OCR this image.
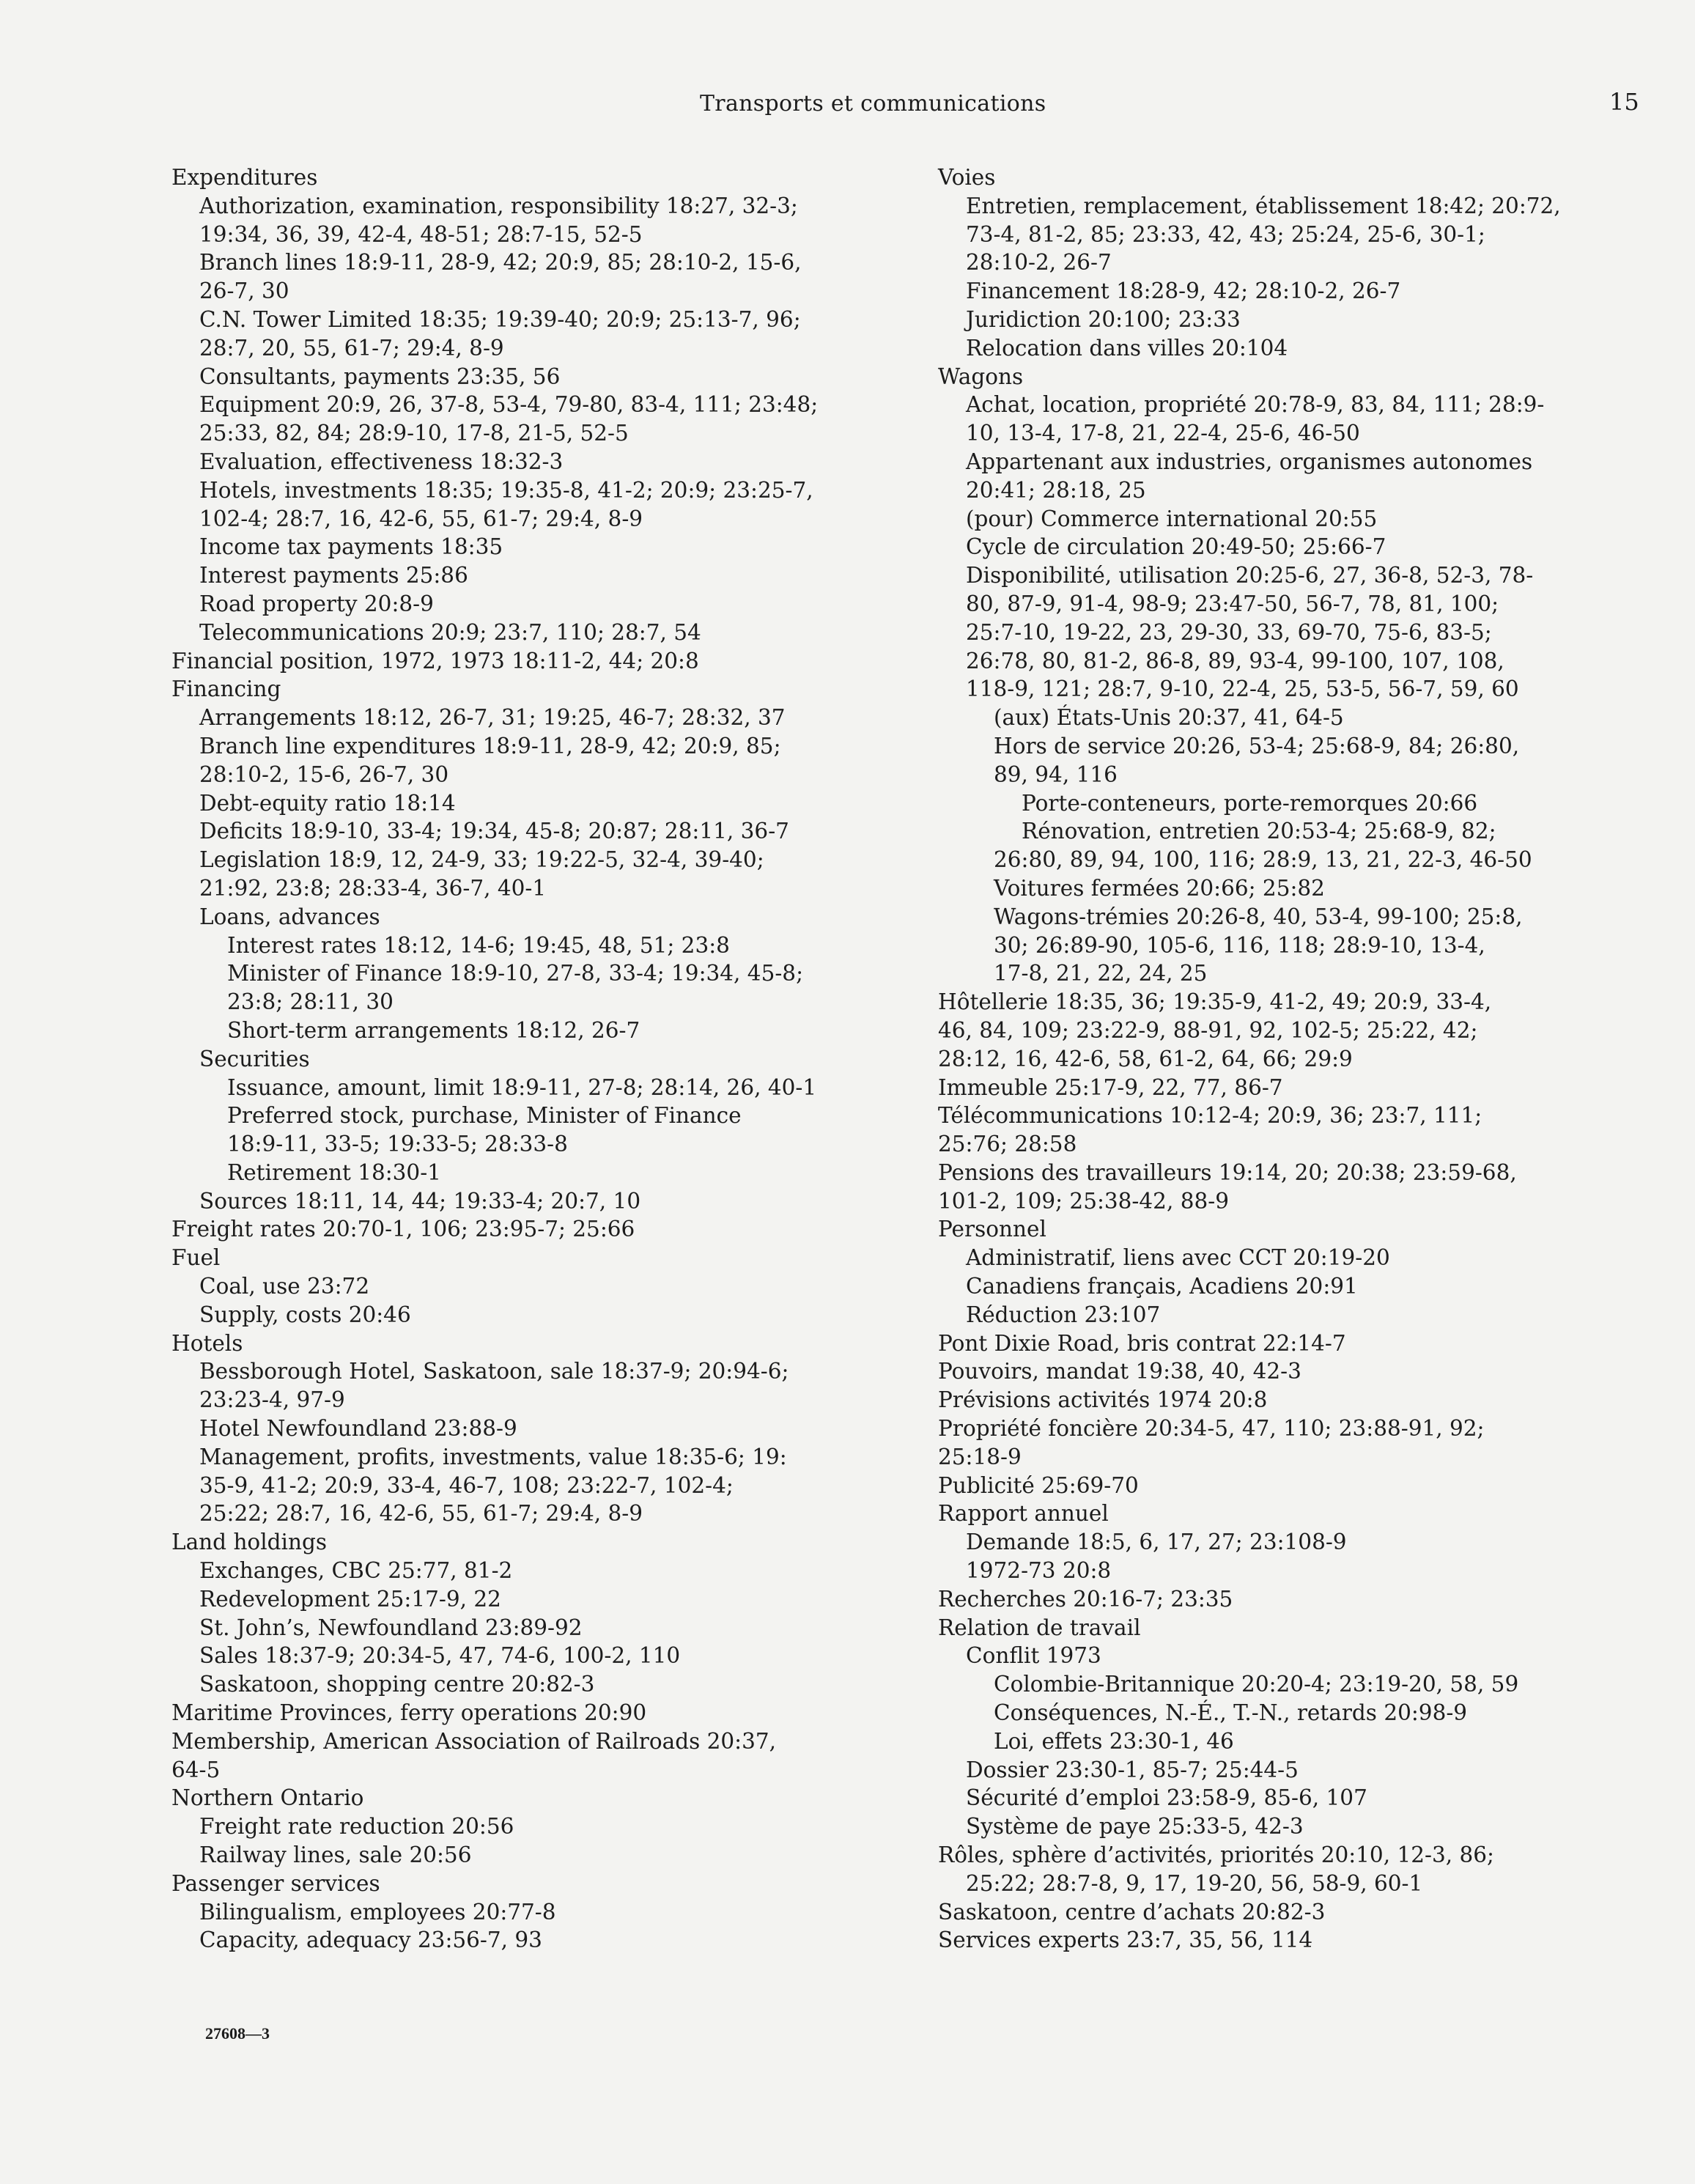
Transports et communications	15
Expenditures
Authorization, examination, responsibility 18:27, 32-3;
19:34, 36, 39, 42-4, 48-51; 28:7-15, 52-5
Branch lines 18:9-11, 28-9, 42; 20:9, 85; 28:10-2, 15-6,
26-7, 30
C.N. Tower Limited 18:35; 19:39-40; 20:9; 25:13-7, 96;
28:7, 20, 55, 61-7; 29:4, 8-9
Consultants, payments 23:35, 56
Equipment 20:9, 26, 37-8, 53-4, 79-80, 83-4, 111; 23:48;
25:33, 82, 84; 28:9-10, 17-8, 21-5, 52-5
Evaluation, effectiveness 18:32-3
Hotels, investments 18:35; 19:35-8, 41-2; 20:9; 23:25-7,
102-4; 28:7, 16, 42-6, 55, 61-7; 29:4, 8-9
Income tax payments 18:35
Interest payments 25:86
Road property 20:8-9
Telecommunications 20:9; 23:7, 110; 28:7, 54
Financial position, 1972, 1973 18:11-2, 44; 20:8
Financing
Arrangements 18:12, 26-7, 31; 19:25, 46-7; 28:32, 37
Branch line expenditures 18:9-11, 28-9, 42; 20:9, 85;
28:10-2, 15-6, 26-7, 30
Debt-equity ratio 18:14
Deficits 18:9-10, 33-4; 19:34, 45-8; 20:87; 28:11, 36-7
Legislation 18:9, 12, 24-9, 33; 19:22-5, 32-4, 39-40;
21:92, 23:8; 28:33-4, 36-7, 40-1
Loans, advances
Interest rates 18:12, 14-6; 19:45, 48, 51; 23:8
Minister of Finance 18:9-10, 27-8, 33-4; 19:34, 45-8;
23:8; 28:11, 30
Short-term arrangements 18:12, 26-7
Securities
Issuance, amount, limit 18:9-11, 27-8; 28:14, 26, 40-1
Preferred stock, purchase, Minister of Finance
18:9-11, 33-5; 19:33-5; 28:33-8
Retirement 18:30-1
Sources 18:11, 14, 44; 19:33-4; 20:7, 10
Freight rates 20:70-1, 106; 23:95-7; 25:66
Fuel
Coal, use 23:72
Supply, costs 20:46
Hotels
Bessborough Hotel, Saskatoon, sale 18:37-9; 20:94-6;
23:23-4, 97-9
Hotel Newfoundland 23:88-9
Management, profits, investments, value 18:35-6; 19:
35-9, 41-2; 20:9, 33-4, 46-7, 108; 23:22-7, 102-4;
25:22; 28:7, 16, 42-6, 55, 61-7; 29:4, 8-9
Land holdings
Exchanges, CBC 25:77, 81-2
Redevelopment 25:17-9, 22
St. John’s, Newfoundland 23:89-92
Sales 18:37-9; 20:34-5, 47, 74-6, 100-2, 110
Saskatoon, shopping centre 20:82-3
Maritime Provinces, ferry operations 20:90
Membership, American Association of Railroads 20:37,
64-5
Northern Ontario
Freight rate reduction 20:56
Railway lines, sale 20:56
Passenger services
Bilingualism, employees 20:77-8
Capacity, adequacy 23:56-7, 93
Voies
Entretien, remplacement, établissement 18:42; 20:72,
73-4, 81-2, 85; 23:33, 42, 43; 25:24, 25-6, 30-1;
28:10-2, 26-7
Financement 18:28-9, 42; 28:10-2, 26-7
Juridiction 20:100; 23:33
Relocation dans villes 20:104
Wagons
Achat, location, propriété 20:78-9, 83, 84, 111; 28:9-
10, 13-4, 17-8, 21, 22-4, 25-6, 46-50
Appartenant aux industries, organismes autonomes
20:41; 28:18, 25
(pour) Commerce international 20:55
Cycle de circulation 20:49-50; 25:66-7
Disponibilité, utilisation 20:25-6, 27, 36-8, 52-3, 78-
80, 87-9, 91-4, 98-9; 23:47-50, 56-7, 78, 81, 100;
25:7-10, 19-22, 23, 29-30, 33, 69-70, 75-6, 83-5;
26:78, 80, 81-2, 86-8, 89, 93-4, 99-100, 107, 108,
118-9, 121; 28:7, 9-10, 22-4, 25, 53-5, 56-7, 59, 60
(aux) États-Unis 20:37, 41, 64-5
Hors de service 20:26, 53-4; 25:68-9, 84; 26:80,
89, 94, 116
Porte-conteneurs, porte-remorques 20:66
Rénovation, entretien 20:53-4; 25:68-9, 82;
26:80, 89, 94, 100, 116; 28:9, 13, 21, 22-3, 46-50
Voitures fermées 20:66; 25:82
Wagons-trémies 20:26-8, 40, 53-4, 99-100; 25:8,
30; 26:89-90, 105-6, 116, 118; 28:9-10, 13-4,
17-8, 21, 22, 24, 25
Hôtellerie 18:35, 36; 19:35-9, 41-2, 49; 20:9, 33-4,
46, 84, 109; 23:22-9, 88-91, 92, 102-5; 25:22, 42;
28:12, 16, 42-6, 58, 61-2, 64, 66; 29:9
Immeuble 25:17-9, 22, 77, 86-7
Télécommunications 10:12-4; 20:9, 36; 23:7, 111;
25:76; 28:58
Pensions des travailleurs 19:14, 20; 20:38; 23:59-68,
101-2, 109; 25:38-42, 88-9
Personnel
Administratif, liens avec CCT 20:19-20
Canadiens français, Acadiens 20:91
Réduction 23:107
Pont Dixie Road, bris contrat 22:14-7
Pouvoirs, mandat 19:38, 40, 42-3
Prévisions activités 1974 20:8
Propriété foncière 20:34-5, 47, 110; 23:88-91, 92;
25:18-9
Publicité 25:69-70
Rapport annuel
Demande 18:5, 6, 17, 27; 23:108-9
1972-73 20:8
Recherches 20:16-7; 23:35
Relation de travail
Conflit 1973
Colombie-Britannique 20:20-4; 23:19-20, 58, 59
Conséquences, N.-É., T.-N., retards 20:98-9
Loi, effets 23:30-1, 46
Dossier 23:30-1, 85-7; 25:44-5
Sécurité d’emploi 23:58-9, 85-6, 107
Système de paye 25:33-5, 42-3
Rôles, sphère d’activités, priorités 20:10, 12-3, 86;
25:22; 28:7-8, 9, 17, 19-20, 56, 58-9, 60-1
Saskatoon, centre d’achats 20:82-3
Services experts 23:7, 35, 56, 114
27608—3
